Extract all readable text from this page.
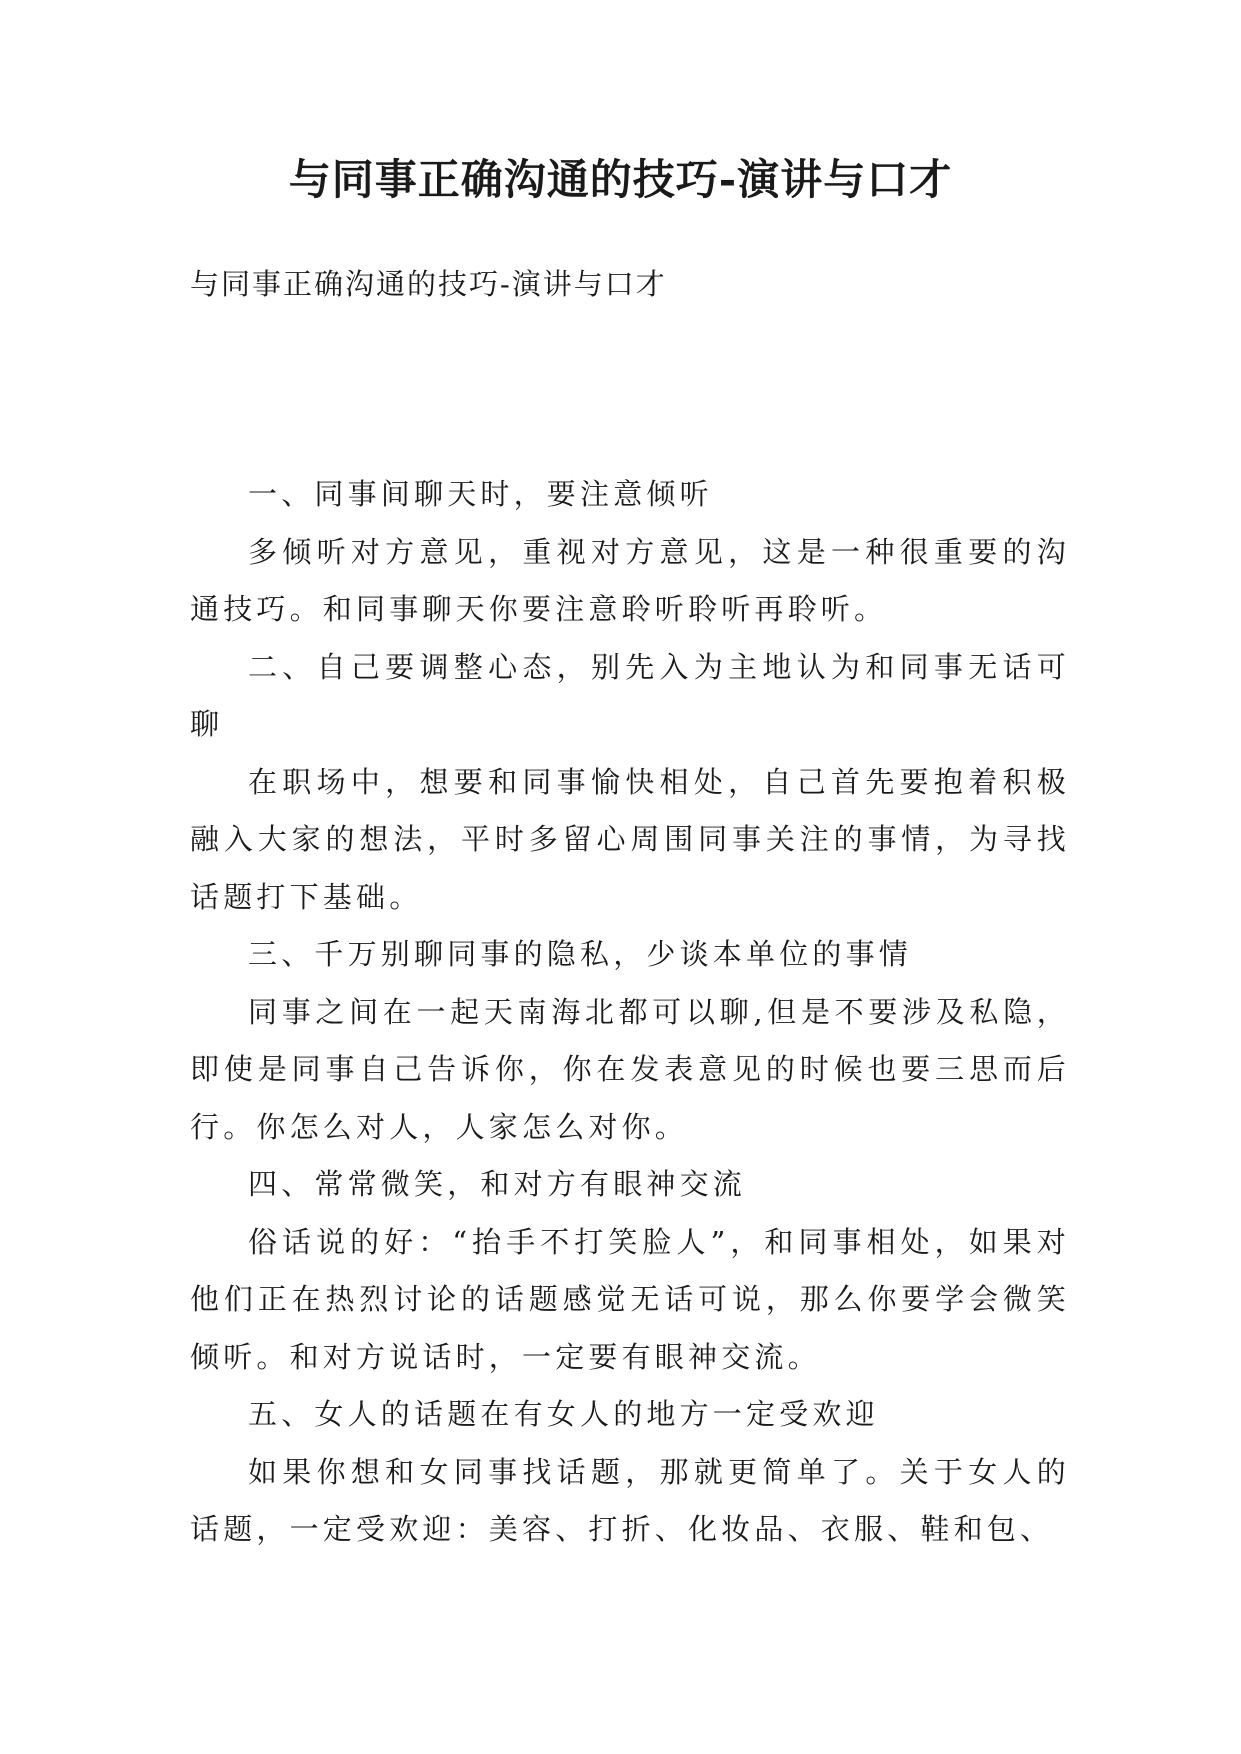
与同事正确沟通的技巧-演讲与口才
与同事正确沟通的技巧-演讲与口才

一、同事间聊天时，要注意倾听

多倾听对方意见，重视对方意见，这是一种很重要的沟通技巧。和同事聊天你要注意聆听聆听再聆听。

二、自己要调整心态，别先入为主地认为和同事无话可聊

在职场中，想要和同事愉快相处，自己首先要抱着积极融入大家的想法，平时多留心周围同事关注的事情，为寻找话题打下基础。

三、千万别聊同事的隐私，少谈本单位的事情

同事之间在一起天南海北都可以聊,但是不要涉及私隐，即使是同事自己告诉你，你在发表意见的时候也要三思而后行。你怎么对人，人家怎么对你。

四、常常微笑，和对方有眼神交流

俗话说的好：“抬手不打笑脸人”，和同事相处，如果对他们正在热烈讨论的话题感觉无话可说，那么你要学会微笑倾听。和对方说话时，一定要有眼神交流。

五、女人的话题在有女人的地方一定受欢迎

如果你想和女同事找话题，那就更简单了。关于女人的话题，一定受欢迎：美容、打折、化妆品、衣服、鞋和包、
